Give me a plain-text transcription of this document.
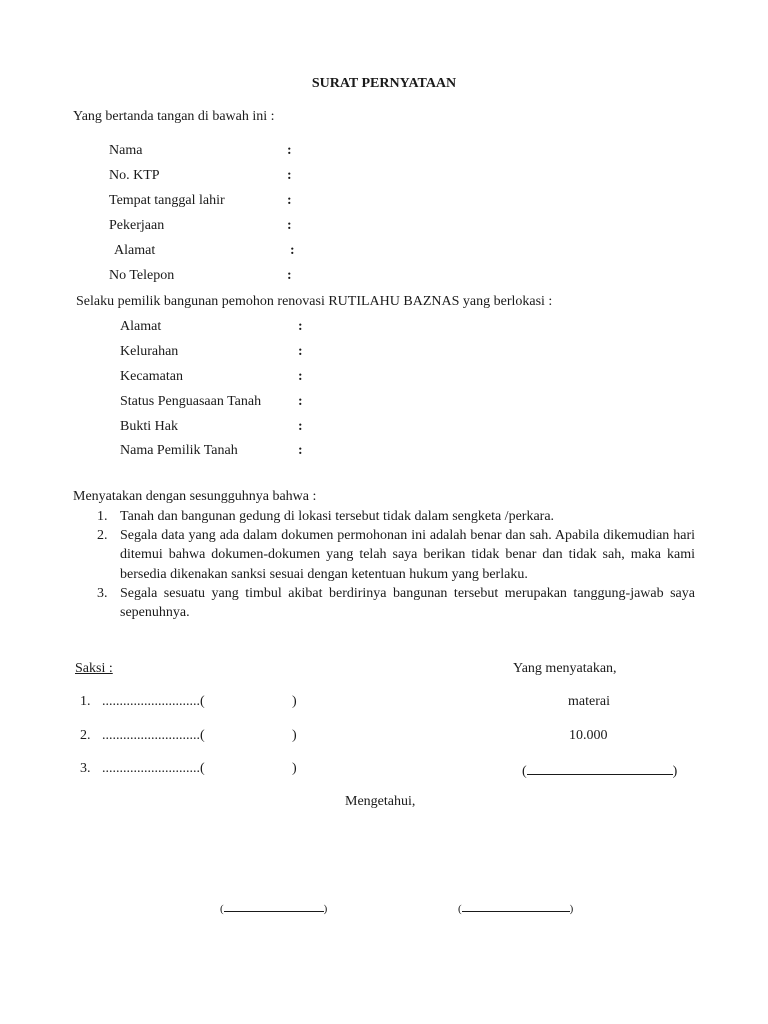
SURAT PERNYATAAN
Yang bertanda tangan di bawah ini :
Nama	:
No. KTP	:
Tempat tanggal lahir	:
Pekerjaan	:
Alamat	:
No Telepon	:
Selaku pemilik bangunan pemohon renovasi RUTILAHU BAZNAS yang berlokasi :
Alamat	:
Kelurahan	:
Kecamatan	:
Status Penguasaan Tanah	:
Bukti Hak	:
Nama Pemilik Tanah	:
Menyatakan dengan sesungguhnya bahwa :
1. Tanah dan bangunan gedung di lokasi tersebut tidak dalam sengketa /perkara.
2. Segala data yang ada dalam dokumen permohonan ini adalah benar dan sah. Apabila dikemudian hari ditemui bahwa dokumen-dokumen yang telah saya berikan tidak benar dan tidak sah, maka kami bersedia dikenakan sanksi sesuai dengan ketentuan hukum yang berlaku.
3. Segala sesuatu yang timbul akibat berdirinya bangunan tersebut merupakan tanggung-jawab saya sepenuhnya.
Saksi :
1. ............................(	)
2. ............................(	)
3. ............................(	)
Yang menyatakan,
materai
10.000
(	)
Mengetahui,
(	)	(	)
